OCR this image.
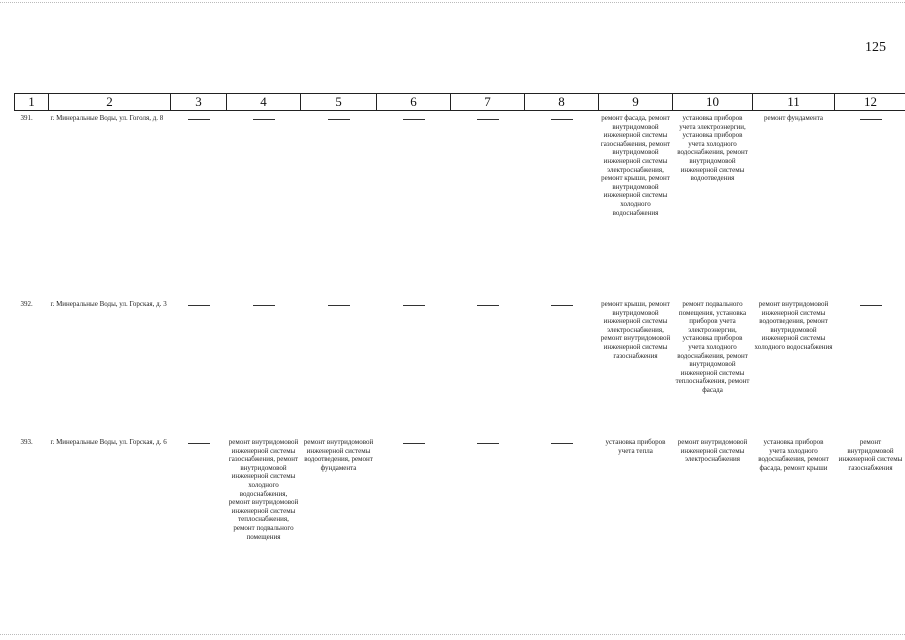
125
1	2	3	4	5	6	7	8	9	10	11	12
391.	г. Минеральные Воды, ул. Гоголя, д. 8							ремонт фасада, ремонт внутридомовой инженерной системы газоснабжения, ремонт внутридомовой инженерной системы электроснабжения, ремонт крыши, ремонт внутридомовой инженерной системы холодного водоснабжения	установка приборов учета электроэнергии, установка приборов учета холодного водоснабжения, ремонт внутридомовой инженерной системы водоотведения	ремонт фундамента	

392.	г. Минеральные Воды, ул. Горская, д. 3							ремонт крыши, ремонт внутридомовой инженерной системы электроснабжения, ремонт внутридомовой инженерной системы газоснабжения	ремонт подвального помещения, установка приборов учета электроэнергии, установка приборов учета холодного водоснабжения, ремонт внутридомовой инженерной системы теплоснабжения, ремонт фасада	ремонт внутридомовой инженерной системы водоотведения, ремонт внутридомовой инженерной системы холодного водоснабжения	

393.	г. Минеральные Воды, ул. Горская, д. 6		ремонт внутридомовой инженерной системы газоснабжения, ремонт внутридомовой инженерной системы холодного водоснабжения, ремонт внутридомовой инженерной системы теплоснабжения, ремонт подвального помещения	ремонт внутридомовой инженерной системы водоотведения, ремонт фундамента				установка приборов учета тепла	ремонт внутридомовой инженерной системы электроснабжения	установка приборов учета холодного водоснабжения, ремонт фасада, ремонт крыши	ремонт внутридомовой инженерной системы газоснабжения
